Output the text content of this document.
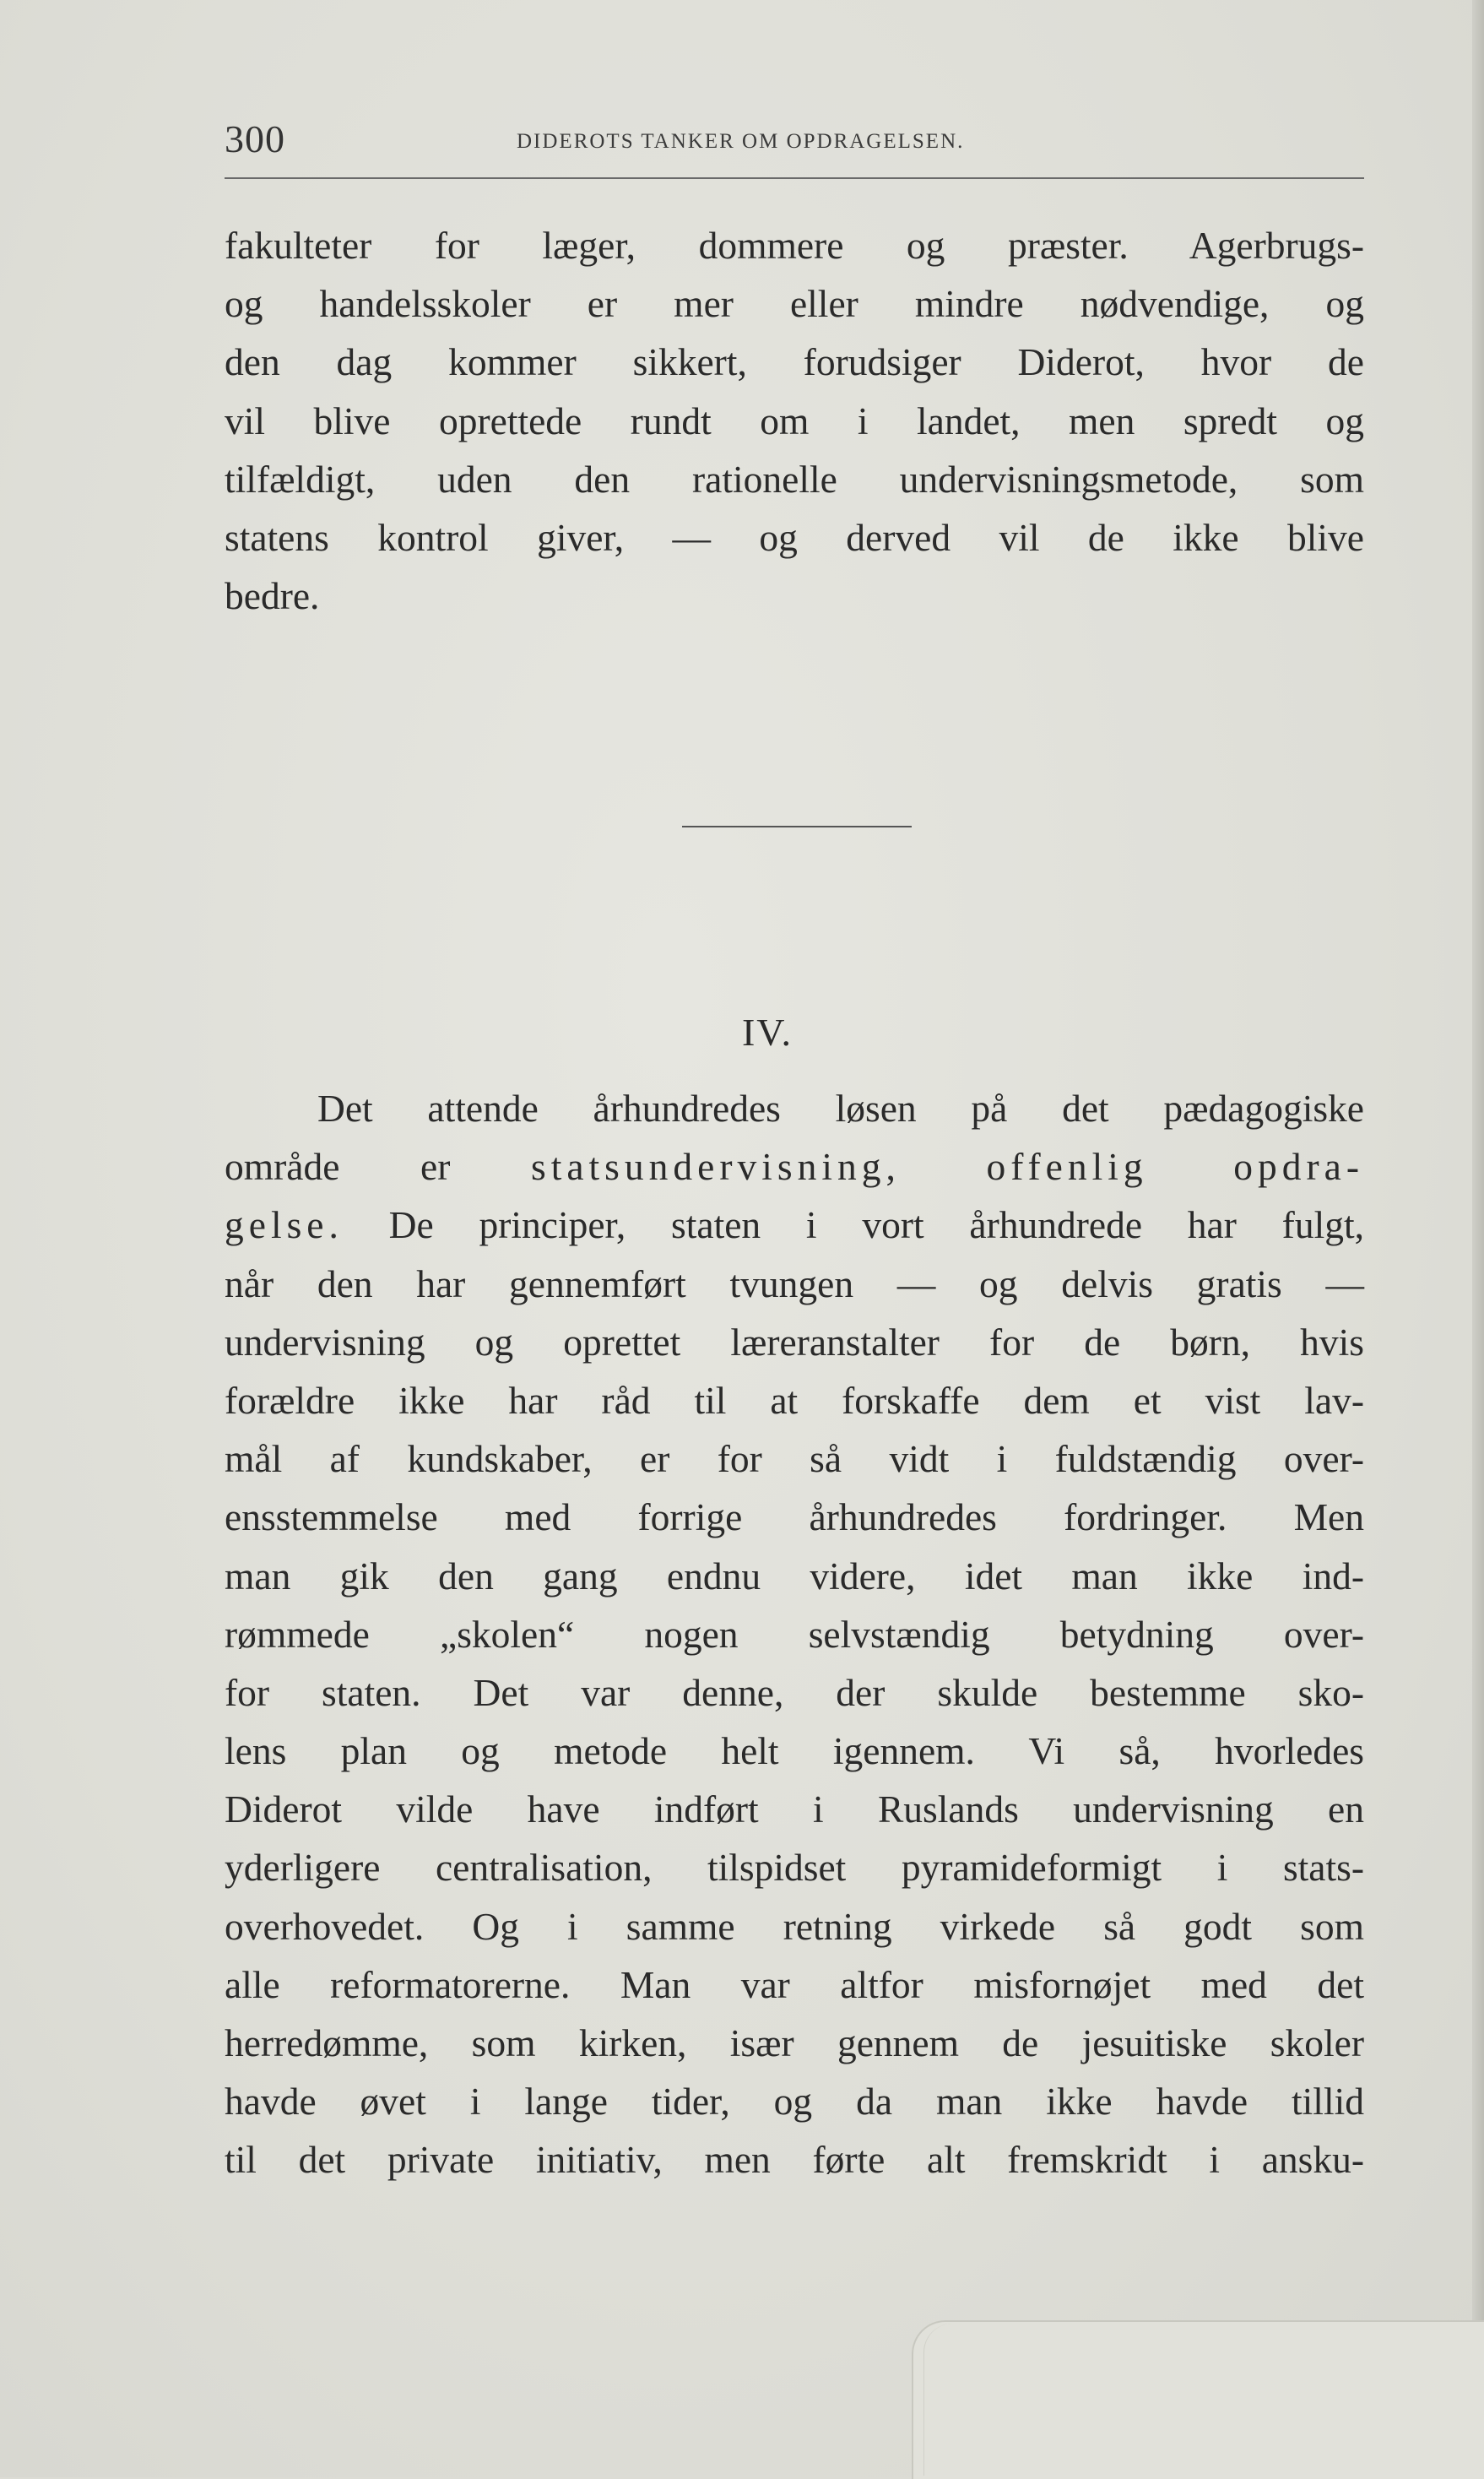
300	DIDEROTS TANKER OM OPDRAGELSEN.
fakulteter for læger, dommere og præster. Agerbrugs-
og handelsskoler er mer eller mindre nødvendige, og
den dag kommer sikkert, forudsiger Diderot, hvor de
vil blive oprettede rundt om i landet, men spredt og
tilfældigt, uden den rationelle undervisningsmetode, som
statens kontrol giver, — og derved vil de ikke blive
bedre.
IV.
Det attende århundredes løsen på det pædagogiske
område er statsundervisning, offenlig opdra-
gelse. De principer, staten i vort århundrede har fulgt,
når den har gennemført tvungen — og delvis gratis —
undervisning og oprettet læreranstalter for de børn, hvis
forældre ikke har råd til at forskaffe dem et vist lav-
mål af kundskaber, er for så vidt i fuldstændig over-
ensstemmelse med forrige århundredes fordringer. Men
man gik den gang endnu videre, idet man ikke ind-
rømmede „skolen“ nogen selvstændig betydning over-
for staten. Det var denne, der skulde bestemme sko-
lens plan og metode helt igennem. Vi så, hvorledes
Diderot vilde have indført i Ruslands undervisning en
yderligere centralisation, tilspidset pyramideformigt i stats-
overhovedet. Og i samme retning virkede så godt som
alle reformatorerne. Man var altfor misfornøjet med det
herredømme, som kirken, især gennem de jesuitiske skoler
havde øvet i lange tider, og da man ikke havde tillid
til det private initiativ, men førte alt fremskridt i ansku-
